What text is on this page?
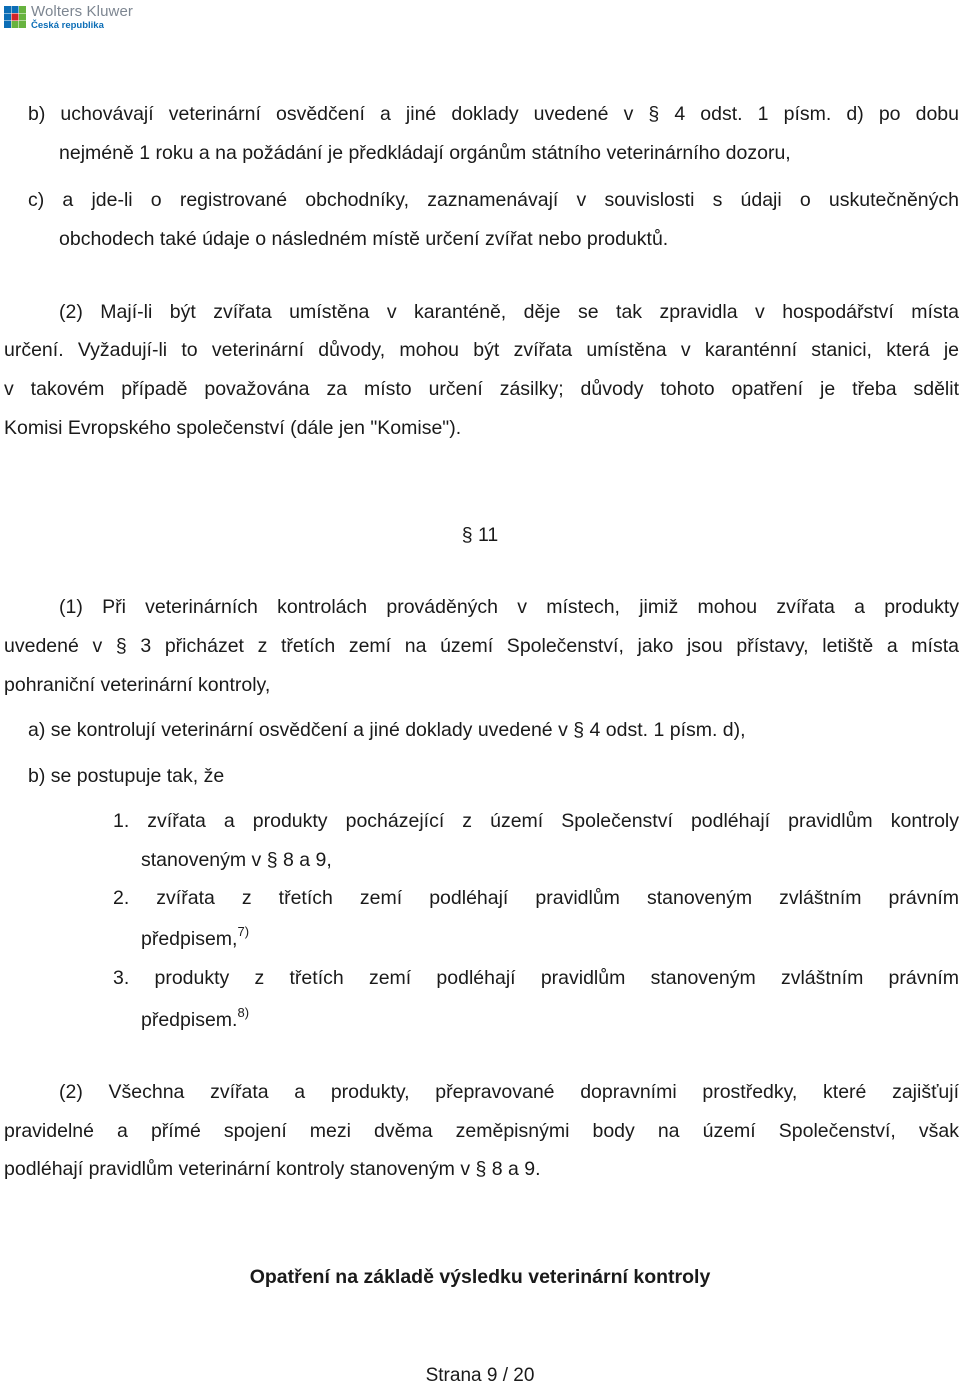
Wolters Kluwer
Česká republika
b) uchovávají veterinární osvědčení a jiné doklady uvedené v § 4 odst. 1 písm. d) po dobu
nejméně 1 roku a na požádání je předkládají orgánům státního veterinárního dozoru,
c) a jde-li o registrované obchodníky, zaznamenávají v souvislosti s údaji o uskutečněných
obchodech také údaje o následném místě určení zvířat nebo produktů.
(2) Mají-li být zvířata umístěna v karanténě, děje se tak zpravidla v hospodářství místa
určení. Vyžadují-li to veterinární důvody, mohou být zvířata umístěna v karanténní stanici, která je
v takovém případě považována za místo určení zásilky; důvody tohoto opatření je třeba sdělit
Komisi Evropského společenství (dále jen "Komise").
§ 11
(1) Při veterinárních kontrolách prováděných v místech, jimiž mohou zvířata a produkty
uvedené v § 3 přicházet z třetích zemí na území Společenství, jako jsou přístavy, letiště a místa
pohraniční veterinární kontroly,
a) se kontrolují veterinární osvědčení a jiné doklady uvedené v § 4 odst. 1 písm. d),
b) se postupuje tak, že
1. zvířata a produkty pocházející z území Společenství podléhají pravidlům kontroly
stanoveným v § 8 a 9,
2. zvířata z třetích zemí podléhají pravidlům stanoveným zvláštním právním
předpisem,$^{7)}$
3. produkty z třetích zemí podléhají pravidlům stanoveným zvláštním právním
předpisem.$^{8)}$
(2) Všechna zvířata a produkty, přepravované dopravními prostředky, které zajišťují
pravidelné a přímé spojení mezi dvěma zeměpisnými body na území Společenství, však
podléhají pravidlům veterinární kontroly stanoveným v § 8 a 9.
Opatření na základě výsledku veterinární kontroly
Strana 9 / 20
